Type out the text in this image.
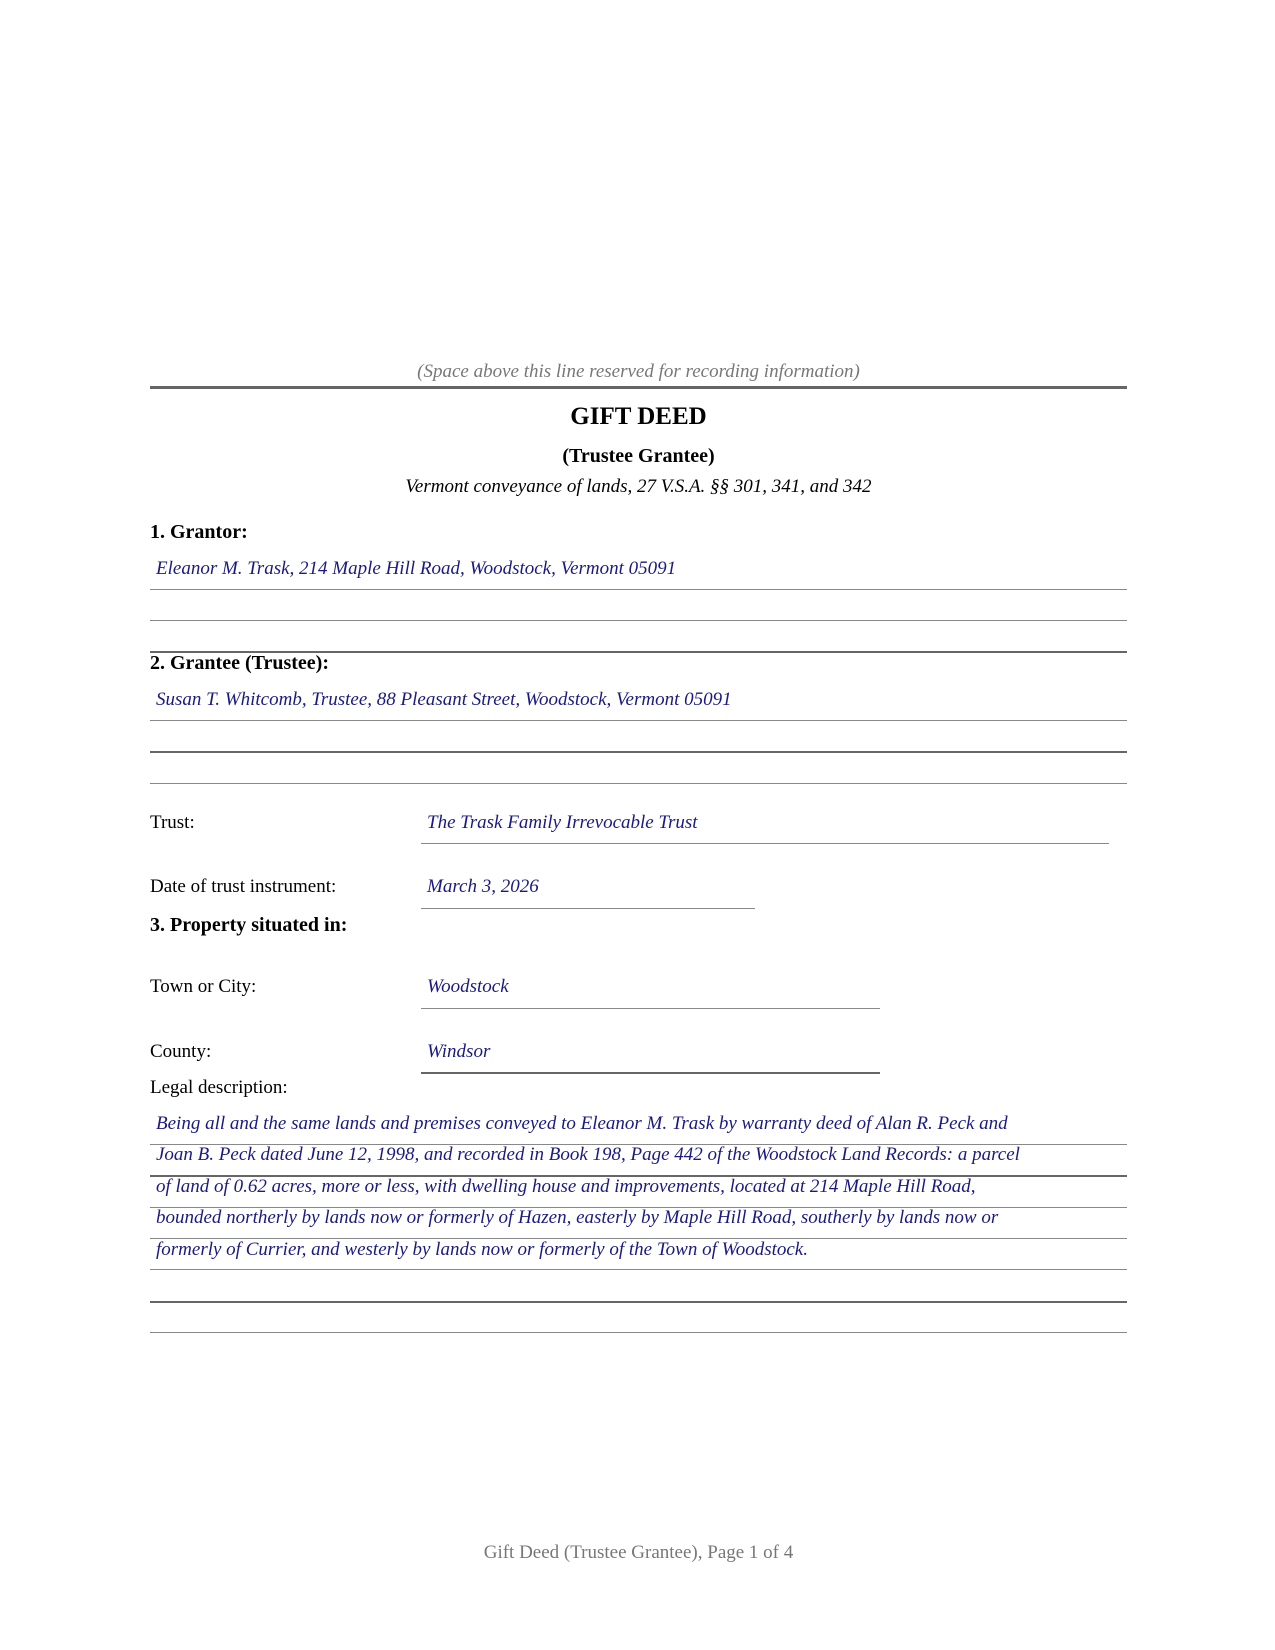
(Space above this line reserved for recording information)
GIFT DEED
(Trustee Grantee)
Vermont conveyance of lands, 27 V.S.A. §§ 301, 341, and 342
1. Grantor:
Eleanor M. Trask, 214 Maple Hill Road, Woodstock, Vermont 05091
2. Grantee (Trustee):
Susan T. Whitcomb, Trustee, 88 Pleasant Street, Woodstock, Vermont 05091
Trust:	The Trask Family Irrevocable Trust
Date of trust instrument:	March 3, 2026
3. Property situated in:
Town or City:	Woodstock
County:	Windsor
Legal description:
Being all and the same lands and premises conveyed to Eleanor M. Trask by warranty deed of Alan R. Peck and
Joan B. Peck dated June 12, 1998, and recorded in Book 198, Page 442 of the Woodstock Land Records: a parcel
of land of 0.62 acres, more or less, with dwelling house and improvements, located at 214 Maple Hill Road,
bounded northerly by lands now or formerly of Hazen, easterly by Maple Hill Road, southerly by lands now or
formerly of Currier, and westerly by lands now or formerly of the Town of Woodstock.
Gift Deed (Trustee Grantee), Page 1 of 4
